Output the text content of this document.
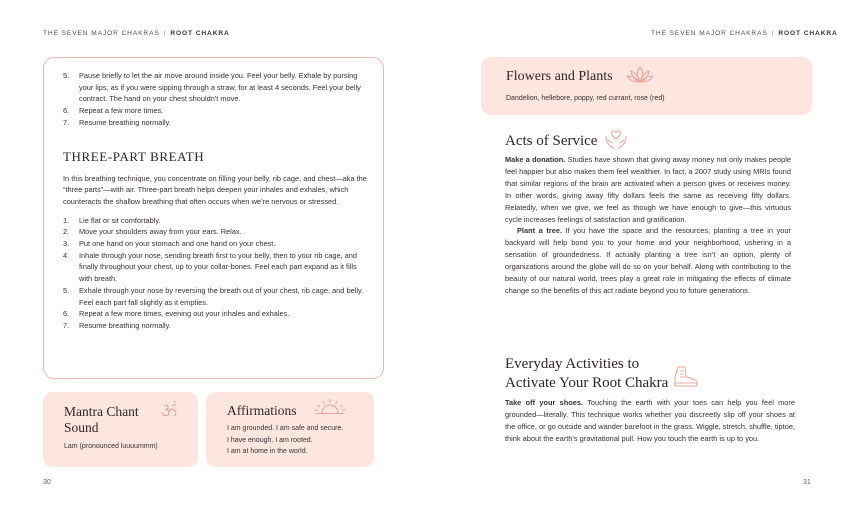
THE SEVEN MAJOR CHAKRAS | ROOT CHAKRA
5. Pause briefly to let the air move around inside you. Feel your belly. Exhale by pursing your lips, as if you were sipping through a straw, for at least 4 seconds. Feel your belly contract. The hand on your chest shouldn't move.
6. Repeat a few more times.
7. Resume breathing normally.
THREE-PART BREATH

In this breathing technique, you concentrate on filling your belly, rib cage, and chest—aka the “three parts”—with air. Three-part breath helps deepen your inhales and exhales, which counteracts the shallow breathing that often occurs when we’re nervous or stressed.

1. Lie flat or sit comfortably.
2. Move your shoulders away from your ears. Relax.
3. Put one hand on your stomach and one hand on your chest.
4. Inhale through your nose, sending breath first to your belly, then to your rib cage, and finally throughout your chest, up to your collar-bones. Feel each part expand as it fills with breath.
5. Exhale through your nose by reversing the breath out of your chest, rib cage, and belly. Feel each part fall slightly as it empties.
6. Repeat a few more times, evening out your inhales and exhales.
7. Resume breathing normally.
Mantra Chant
Sound
Lam (pronounced luuuummm)
Affirmations
I am grounded. I am safe and secure.
I have enough. I am rooted.
I am at home in the world.
30
THE SEVEN MAJOR CHAKRAS | ROOT CHAKRA
Flowers and Plants
Dandelion, hellebore, poppy, red currant, rose (red)
Acts of Service
Make a donation. Studies have shown that giving away money not only makes people feel happier but also makes them feel wealthier. In fact, a 2007 study using MRIs found that similar regions of the brain are activated when a person gives or receives money. In other words, giving away fifty dollars feels the same as receiving fifty dollars. Relatedly, when we give, we feel as though we have enough to give—this virtuous cycle increases feelings of satisfaction and gratification.
Plant a tree. If you have the space and the resources, planting a tree in your backyard will help bond you to your home and your neighborhood, ushering in a sensation of groundedness. If actually planting a tree isn’t an option, plenty of organizations around the globe will do so on your behalf. Along with contributing to the beauty of our natural world, trees play a great role in mitigating the effects of climate change so the benefits of this act radiate beyond you to future generations.
Everyday Activities to
Activate Your Root Chakra
Take off your shoes. Touching the earth with your toes can help you feel more grounded—literally. This technique works whether you discreetly slip off your shoes at the office, or go outside and wander barefoot in the grass. Wiggle, stretch, shuffle, tiptoe, think about the earth’s gravitational pull. How you touch the earth is up to you.
31
